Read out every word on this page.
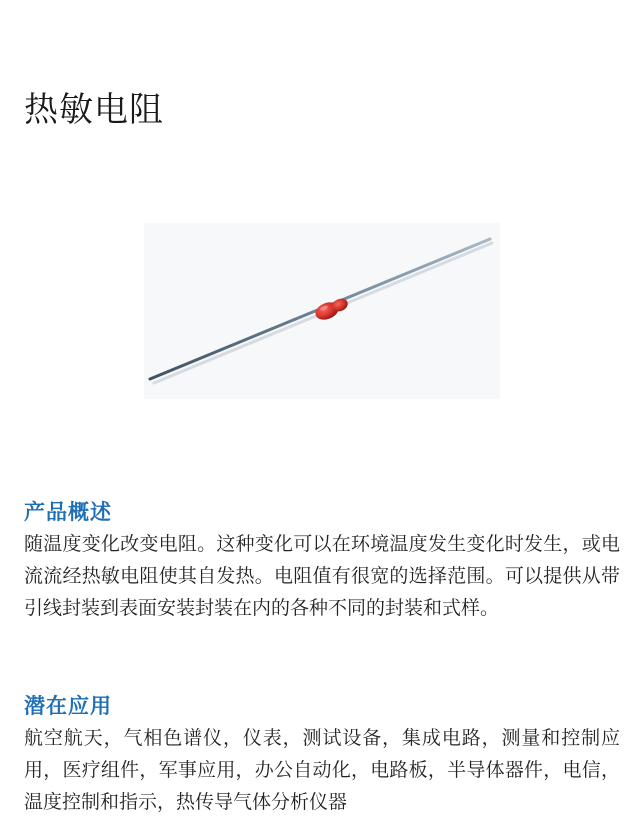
热敏电阻
产品概述

随温度变化改变电阻。这种变化可以在环境温度发生变化时发生，或电流流经热敏电阻使其自发热。电阻值有很宽的选择范围。可以提供从带引线封装到表面安装封装在内的各种不同的封装和式样。

潜在应用

航空航天，气相色谱仪，仪表，测试设备，集成电路，测量和控制应用，医疗组件，军事应用，办公自动化，电路板，半导体器件，电信，温度控制和指示，热传导气体分析仪器
